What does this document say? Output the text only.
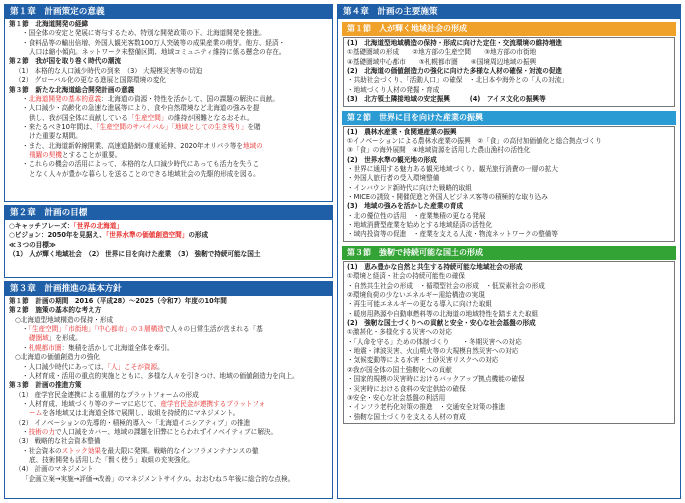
第１章　計画策定の意義
第１節　北海道開発の経緯
・国全体の安定と発展に寄与するため、特別な開発政策の下、北海道開発を推進。
・食料品等の輸出倍増、外国人観光客数100万人突破等の成果産業の萌芽。他方、経済・
人口は縮小傾向。ネットワーク未整備区間、地域コミュニティ維持に係る懸念の存在。
第２節　我が国を取り巻く時代の潮流
（1） 本格的な人口減少時代の到来　（3） 大規模災害等の切迫
（2） グローバル化の更なる進展と国際環境の変化
第３節　新たな北海道総合開発計画の意義
・北海道開発の基本的意義：北海道の資源・特性を活かして、国の課題の解決に貢献。
・人口減少・高齢化の急速な進展等により、食や自然環境など北海道の強みを提
供し、我が国全体に貢献している「生産空間」の維持が困難となるおそれ。
・来たるべき10年間は、「生産空間のサバイバル」「地域としての生き残り」を賭
けた重要な期間。
・また、北海道新幹線開業、高速道路網の運東延伸、2020年オリパラ等を地域の
飛躍の契機とすることが重要。
・これらの機会の活用によって、本格的な人口減少時代にあっても活力を失うこ
となく人々が豊かな暮らしを送ることのできる地域社会の先駆的形成を図る。
第２章　計画の目標
○キャッチフレーズ：「世界の北海道」
○ビジョン：2050年を見据え、「世界水準の価値創造空間」の形成
≪３つの目標≫
（1） 人が輝く地域社会　（2） 世界に目を向けた産業　（3） 強靭で持続可能な国土
第３章　計画推進の基本方針
第１節　計画の期間　2016（平成28）～2025（令和7）年度の10年間
第２節　施策の基本的な考え方
○北海道型地域構造の保持・形成
・「生産空間」「市街地」「中心都市」の３層構造で人々の日常生活が営まれる「基
礎圏域」を形成。
・札幌都市圏：集積を活かして北海道全体を牽引。
○北海道の価値創造力の強化
・人口減少時代にあっては、「人」こそが資源。
・人材育成・活用の重点的実施とともに、多様な人々を引きつけ、地域の価値創造力を向上。
第３節　計画の推進方策
（1） 産学官民金連携による重層的なプラットフォームの形成
・人材育成、地域づくり等のテーマに応じて、産学官民金が連携するプラットフォ
ームを各地域又は北海道全体で展開し、取組を持続的にマネジメント。
（2） イノベーションの先導的・積極的導入～「北海道イニシアティブ」の推進
・技術の力で人口減をカバー、地域の課題を旧弊にとらわれずイノベイティブに解決。
（3） 戦略的な社会資本整備
・社会資本のストック効果を最大限に発揮。戦略的なインフラメンテナンスの徹
底、技術開発も活用した「賢く使う」取組の充実強化。
（4） 計画のマネジメント
「企画立案→実施→評価→改善」のマネジメントサイクル。おおむね５年後に総合的な点検。
第４章　計画の主要施策
第１節　人が輝く地域社会の形成
(1)　北海道型地域構造の保持・形成に向けた定住・交流環境の維持増進
①基礎圏域の形成　　②地方部の生産空間　　③地方部の市街地
④基礎圏域中心都市　　⑤札幌都市圏　　⑥国境周辺地域の振興
(2)　北海道の価値創造力の強化に向けた多様な人材の確保・対流の促進
・共助社会づくり、「活動人口」の確保　・北日本や海外との「人の対流」
・地域づくり人材の発掘・育成
(3)　北方領土隣接地域の安定振興　　　(4)　アイヌ文化の振興等
第２節　世界に目を向けた産業の振興
(1)　農林水産業・食関連産業の振興
①イノベーションによる農林水産業の振興　②「食」の高付加価値化と総合拠点づくり
③「食」の海外展開　④地域資源を活用した農山漁村の活性化
(2)　世界水準の観光地の形成
・世界に通用する魅力ある観光地域づくり、観光旅行消費の一層の拡大
・外国人旅行者の受入環境整備
・インバウンド新時代に向けた戦略的取組
・MICEの誘致・開催促進と外国人ビジネス客等の積極的な取り込み
(3)　地域の強みを活かした産業の育成
・北の優位性の活用　・産業集積の更なる発展
・地域消費型産業を始めとする地域経済の活性化
・域内投資等の促進　・産業を支える人流・物流ネットワークの整備等
第３節　強靭で持続可能な国土の形成
(1)　恵み豊かな自然と共生する持続可能な地域社会の形成
①環境と経済・社会の持続可能性の確保
・自然共生社会の形成　・循環型社会の形成　・低炭素社会の形成
②環境負荷の少ないエネルギー需給構造の実現
・再生可能エネルギーの更なる導入に向けた取組
・暖房用熱源や自動車燃料等の北海道の地域特性を踏まえた取組
(2)　強靭な国土づくりへの貢献と安全・安心な社会基盤の形成
①激甚化・多様化する災害への対応
・「人命を守る」ための体制づくり　　・冬期災害への対応
・地震・津波災害、火山噴火等の大規模自然災害への対応
・気候変動等による水害・土砂災害リスクへの対応
②我が国全体の国土強靭化への貢献
・国家的規模の災害時におけるバックアップ拠点機能の確保
・災害時における食料の安定供給の確保
③安全・安心な社会基盤の利活用
・インフラ老朽化対策の推進　・交通安全対策の推進
・強靭な国土づくりを支える人材の育成
